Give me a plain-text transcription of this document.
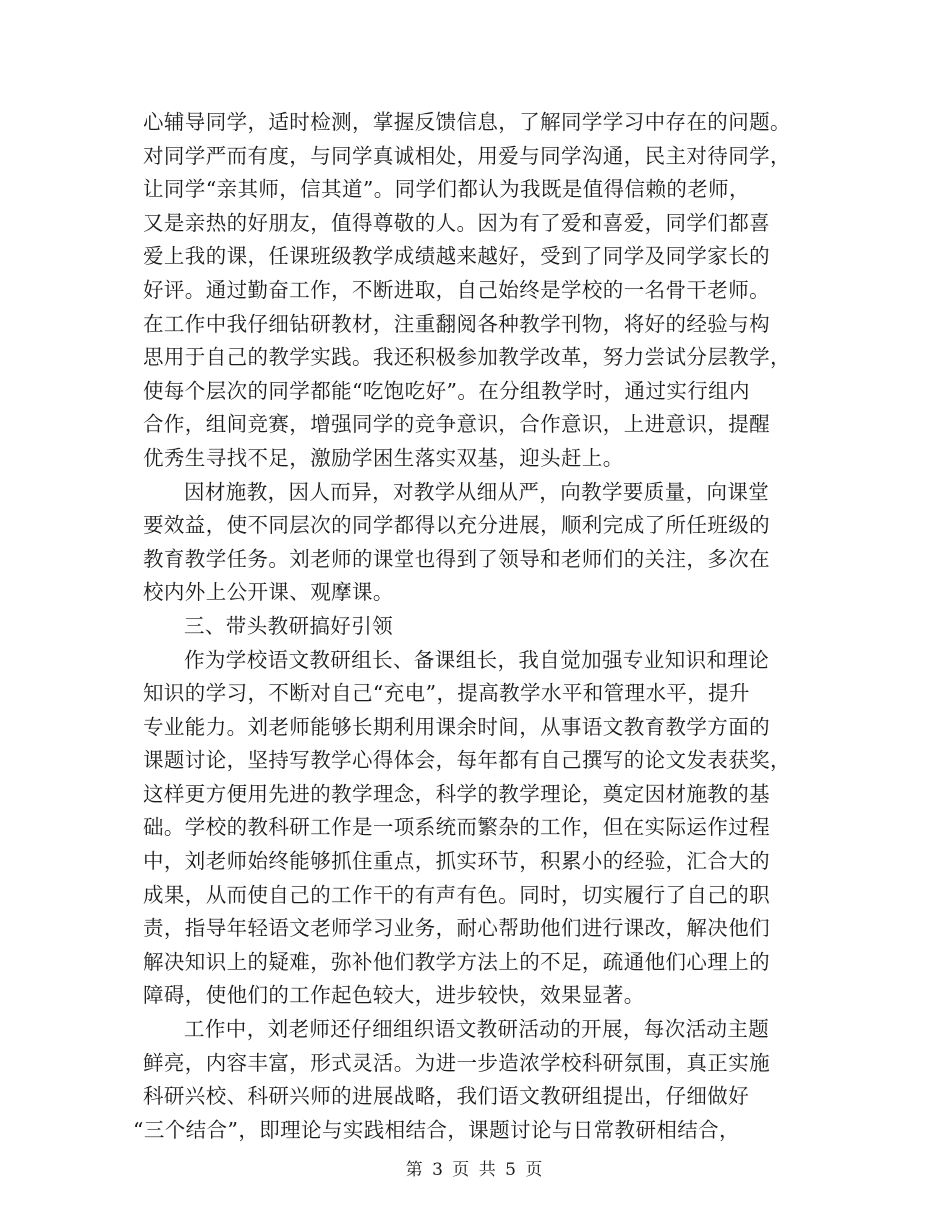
心辅导同学，适时检测，掌握反馈信息，了解同学学习中存在的问题。
对同学严而有度，与同学真诚相处，用爱与同学沟通，民主对待同学，
让同学“亲其师，信其道”。同学们都认为我既是值得信赖的老师，
又是亲热的好朋友，值得尊敬的人。因为有了爱和喜爱，同学们都喜
爱上我的课，任课班级教学成绩越来越好，受到了同学及同学家长的
好评。通过勤奋工作，不断进取，自己始终是学校的一名骨干老师。
在工作中我仔细钻研教材，注重翻阅各种教学刊物，将好的经验与构
思用于自己的教学实践。我还积极参加教学改革，努力尝试分层教学，
使每个层次的同学都能“吃饱吃好”。在分组教学时，通过实行组内
合作，组间竞赛，增强同学的竞争意识，合作意识，上进意识，提醒
优秀生寻找不足，激励学困生落实双基，迎头赶上。
因材施教，因人而异，对教学从细从严，向教学要质量，向课堂
要效益，使不同层次的同学都得以充分进展，顺利完成了所任班级的
教育教学任务。刘老师的课堂也得到了领导和老师们的关注，多次在
校内外上公开课、观摩课。
三、带头教研搞好引领
作为学校语文教研组长、备课组长，我自觉加强专业知识和理论
知识的学习，不断对自己“充电”，提高教学水平和管理水平，提升
专业能力。刘老师能够长期利用课余时间，从事语文教育教学方面的
课题讨论，坚持写教学心得体会，每年都有自己撰写的论文发表获奖，
这样更方便用先进的教学理念，科学的教学理论，奠定因材施教的基
础。学校的教科研工作是一项系统而繁杂的工作，但在实际运作过程
中，刘老师始终能够抓住重点，抓实环节，积累小的经验，汇合大的
成果，从而使自己的工作干的有声有色。同时，切实履行了自己的职
责，指导年轻语文老师学习业务，耐心帮助他们进行课改，解决他们
解决知识上的疑难，弥补他们教学方法上的不足，疏通他们心理上的
障碍，使他们的工作起色较大，进步较快，效果显著。
工作中，刘老师还仔细组织语文教研活动的开展，每次活动主题
鲜亮，内容丰富，形式灵活。为进一步造浓学校科研氛围，真正实施
科研兴校、科研兴师的进展战略，我们语文教研组提出，仔细做好
“三个结合”，即理论与实践相结合，课题讨论与日常教研相结合，
第 3 页 共 5 页
